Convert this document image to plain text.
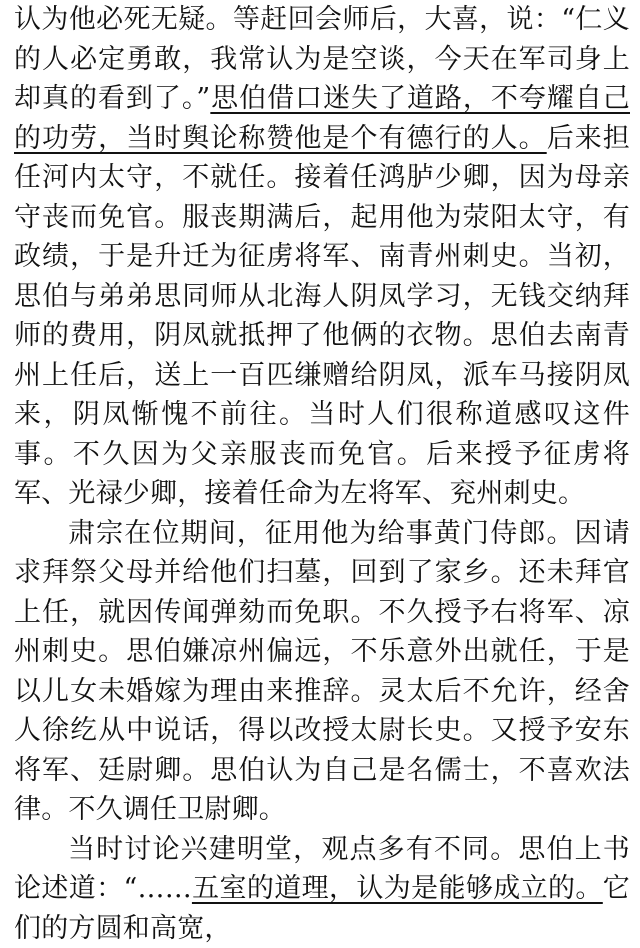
认为他必死无疑。等赶回会师后，大喜，说：“仁义的人必定勇敢，我常认为是空谈，今天在军司身上却真的看到了。”思伯借口迷失了道路，不夸耀自己的功劳，当时舆论称赞他是个有德行的人。后来担任河内太守，不就任。接着任鸿胪少卿，因为母亲守丧而免官。服丧期满后，起用他为荥阳太守，有政绩，于是升迁为征虏将军、南青州刺史。当初，思伯与弟弟思同师从北海人阴凤学习，无钱交纳拜师的费用，阴凤就抵押了他俩的衣物。思伯去南青州上任后，送上一百匹缣赠给阴凤，派车马接阴凤来，阴凤惭愧不前往。当时人们很称道感叹这件事。不久因为父亲服丧而免官。后来授予征虏将军、光禄少卿，接着任命为左将军、兖州刺史。

肃宗在位期间，征用他为给事黄门侍郎。因请求拜祭父母并给他们扫墓，回到了家乡。还未拜官上任，就因传闻弹劾而免职。不久授予右将军、凉州刺史。思伯嫌凉州偏远，不乐意外出就任，于是以儿女未婚嫁为理由来推辞。灵太后不允许，经舍人徐纥从中说话，得以改授太尉长史。又授予安东将军、廷尉卿。思伯认为自己是名儒士，不喜欢法律。不久调任卫尉卿。

当时讨论兴建明堂，观点多有不同。思伯上书论述道：“……五室的道理，认为是能够成立的。它们的方圆和高宽，
